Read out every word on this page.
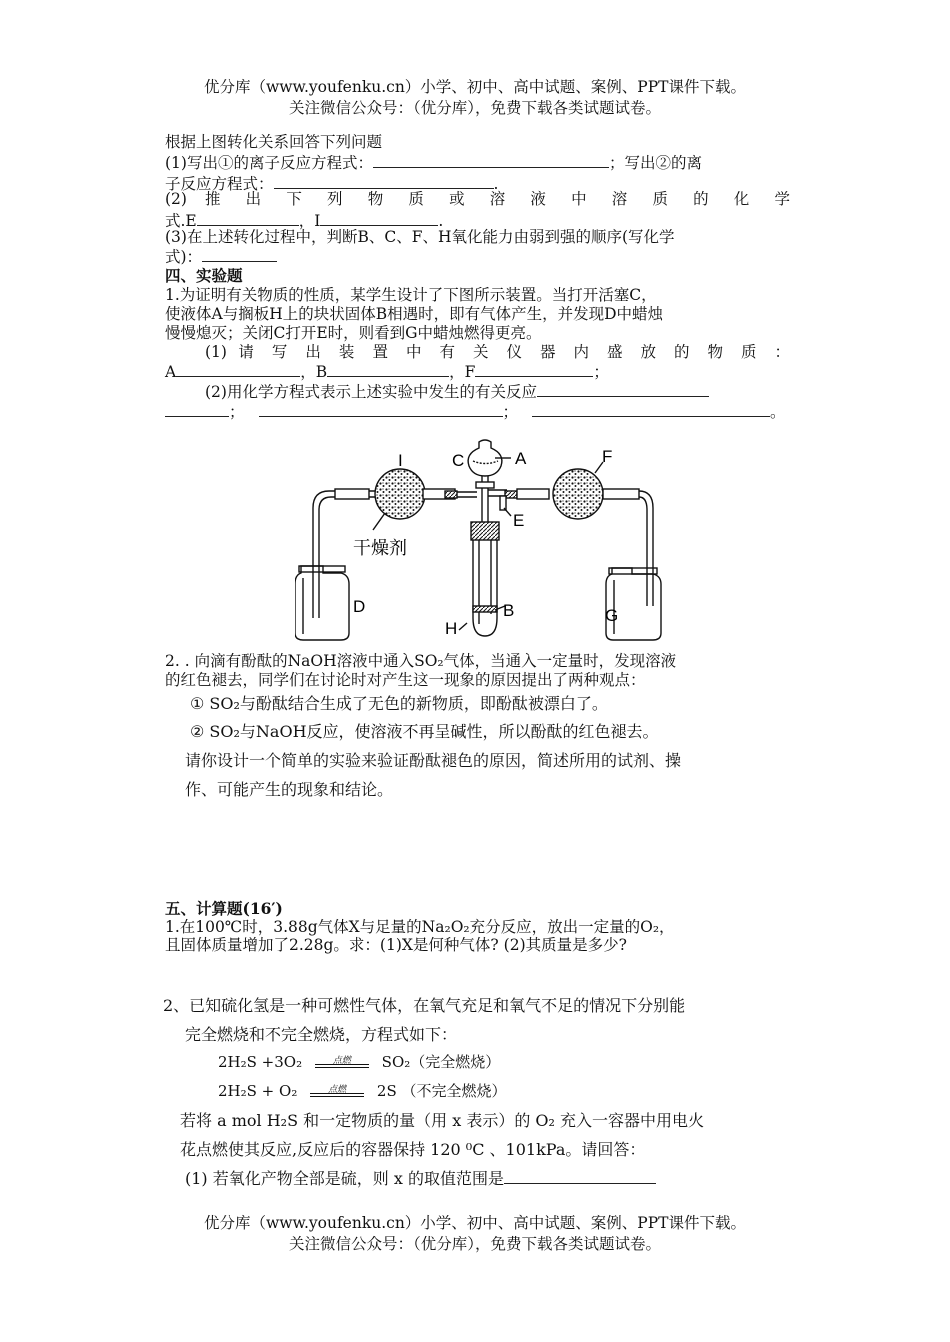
优分库（www.youfenku.cn）小学、初中、高中试题、案例、PPT课件下载。
关注微信公众号：（优分库），免费下载各类试题试卷。
根据上图转化关系回答下列问题
(1)写出①的离子反应方程式：	；写出②的离
子反应方程式：	.
(2) 推 出 下 列 物 质 或 溶 液 中 溶 质 的 化 学
式.E	，I	.
(3)在上述转化过程中，判断B、C、F、H氧化能力由弱到强的顺序(写化学
式)：
四、实验题
1.为证明有关物质的性质，某学生设计了下图所示装置。当打开活塞C，
使液体A与搁板H上的块状固体B相遇时，即有气体产生，并发现D中蜡烛
慢慢熄灭；关闭C打开E时，则看到G中蜡烛燃得更亮。
(1) 请 写 出 装 置 中 有 关 仪 器 内 盛 放 的 物 质 ：
A	，B	，F	；
(2)用化学方程式表示上述实验中发生的有关反应
；	；	。
I	C	A	F
E
干燥剂
D	B
H
G
2. . 向滴有酚酞的NaOH溶液中通入SO₂气体，当通入一定量时，发现溶液
的红色褪去，同学们在讨论时对产生这一现象的原因提出了两种观点：
① SO₂与酚酞结合生成了无色的新物质，即酚酞被漂白了。
② SO₂与NaOH反应，使溶液不再呈碱性，所以酚酞的红色褪去。
请你设计一个简单的实验来验证酚酞褪色的原因，简述所用的试剂、操
作、可能产生的现象和结论。
五、计算题(16′)
1.在100℃时，3.88g气体X与足量的Na₂O₂充分反应，放出一定量的O₂，
且固体质量增加了2.28g。求：(1)X是何种气体? (2)其质量是多少?
2、已知硫化氢是一种可燃性气体，在氧气充足和氧气不足的情况下分别能
完全燃烧和不完全燃烧，方程式如下：
2H₂S +3O₂	点燃	SO₂（完全燃烧）
2H₂S + O₂	点燃	2S （不完全燃烧）
若将 a mol H₂S 和一定物质的量（用 x 表示）的 O₂ 充入一容器中用电火
花点燃使其反应,反应后的容器保持 120 ⁰C 、101kPa。请回答：
(1) 若氧化产物全部是硫，则 x 的取值范围是
优分库（www.youfenku.cn）小学、初中、高中试题、案例、PPT课件下载。
关注微信公众号：（优分库），免费下载各类试题试卷。
